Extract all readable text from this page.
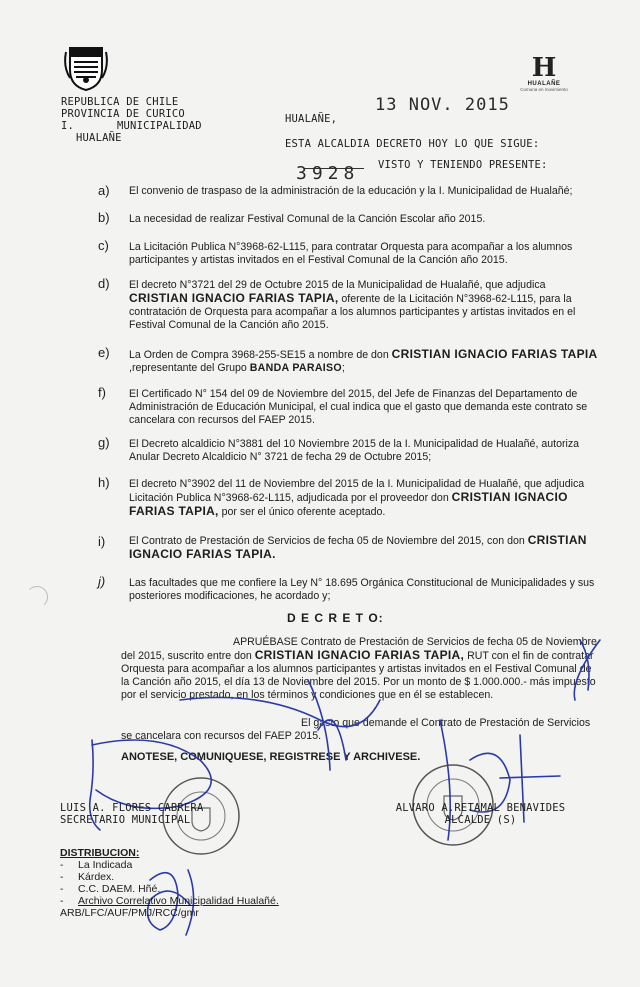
H
HUALAÑE
Comuna en movimiento
REPUBLICA DE CHILE
PROVINCIA DE CURICO
I.	MUNICIPALIDAD
HUALAÑE
HUALAÑE,
13 NOV. 2015
ESTA ALCALDIA DECRETO HOY LO QUE SIGUE:
VISTO Y TENIENDO PRESENTE:
3928
a) El convenio de traspaso de la administración de la educación y la I. Municipalidad de Hualañé;
b) La necesidad de realizar Festival Comunal de la Canción Escolar año 2015.
c) La Licitación Publica N°3968-62-L115, para contratar Orquesta para acompañar a los alumnos participantes y artistas invitados en el Festival Comunal de la Canción año 2015.
d) El decreto N°3721 del 29 de Octubre 2015 de la Municipalidad de Hualañé, que adjudica CRISTIAN IGNACIO FARIAS TAPIA, oferente de la Licitación N°3968-62-L115, para la contratación de Orquesta para acompañar a los alumnos participantes y artistas invitados en el Festival Comunal de la Canción año 2015.
e) La Orden de Compra 3968-255-SE15 a nombre de don CRISTIAN IGNACIO FARIAS TAPIA ,representante del Grupo BANDA PARAISO;
f) El Certificado N° 154 del 09 de Noviembre del 2015, del Jefe de Finanzas del Departamento de Administración de Educación Municipal, el cual indica que el gasto que demanda este contrato se cancelara con recursos del FAEP 2015.
g) El Decreto alcaldicio N°3881 del 10 Noviembre 2015 de la I. Municipalidad de Hualañé, autoriza Anular Decreto Alcaldicio N° 3721 de fecha 29 de Octubre 2015;
h) El decreto N°3902 del 11 de Noviembre del 2015 de la I. Municipalidad de Hualañé, que adjudica Licitación Publica N°3968-62-L115, adjudicada por el proveedor don CRISTIAN IGNACIO FARIAS TAPIA, por ser el único oferente aceptado.
i) El Contrato de Prestación de Servicios de fecha 05 de Noviembre del 2015, con don CRISTIAN IGNACIO FARIAS TAPIA.
j) Las facultades que me confiere la Ley N° 18.695 Orgánica Constitucional de Municipalidades y sus posteriores modificaciones, he acordado y;
D E C R E T O:
APRUÉBASE Contrato de Prestación de Servicios de fecha 05 de Noviembre del 2015, suscrito entre don CRISTIAN IGNACIO FARIAS TAPIA, RUT con el fin de contratar Orquesta para acompañar a los alumnos participantes y artistas invitados en el Festival Comunal de la Canción año 2015, el día 13 de Noviembre del 2015. Por un monto de $ 1.000.000.- más impuesto por el servicio prestado, en los términos y condiciones que en él se establecen.
El gasto que demande el Contrato de Prestación de Servicios se cancelara con recursos del FAEP 2015.
ANOTESE, COMUNIQUESE, REGISTRESE Y ARCHIVESE.
LUIS A. FLORES CABRERA
SECRETARIO MUNICIPAL
ALVARO A.RETAMAL BENAVIDES
ALCALDE (S)
DISTRIBUCION:
- La Indicada
- Kárdex.
- C.C. DAEM. Hñé.
- Archivo Correlativo Municipalidad Hualañé.
ARB/LFC/AUF/PMJ/RCC/gmr
